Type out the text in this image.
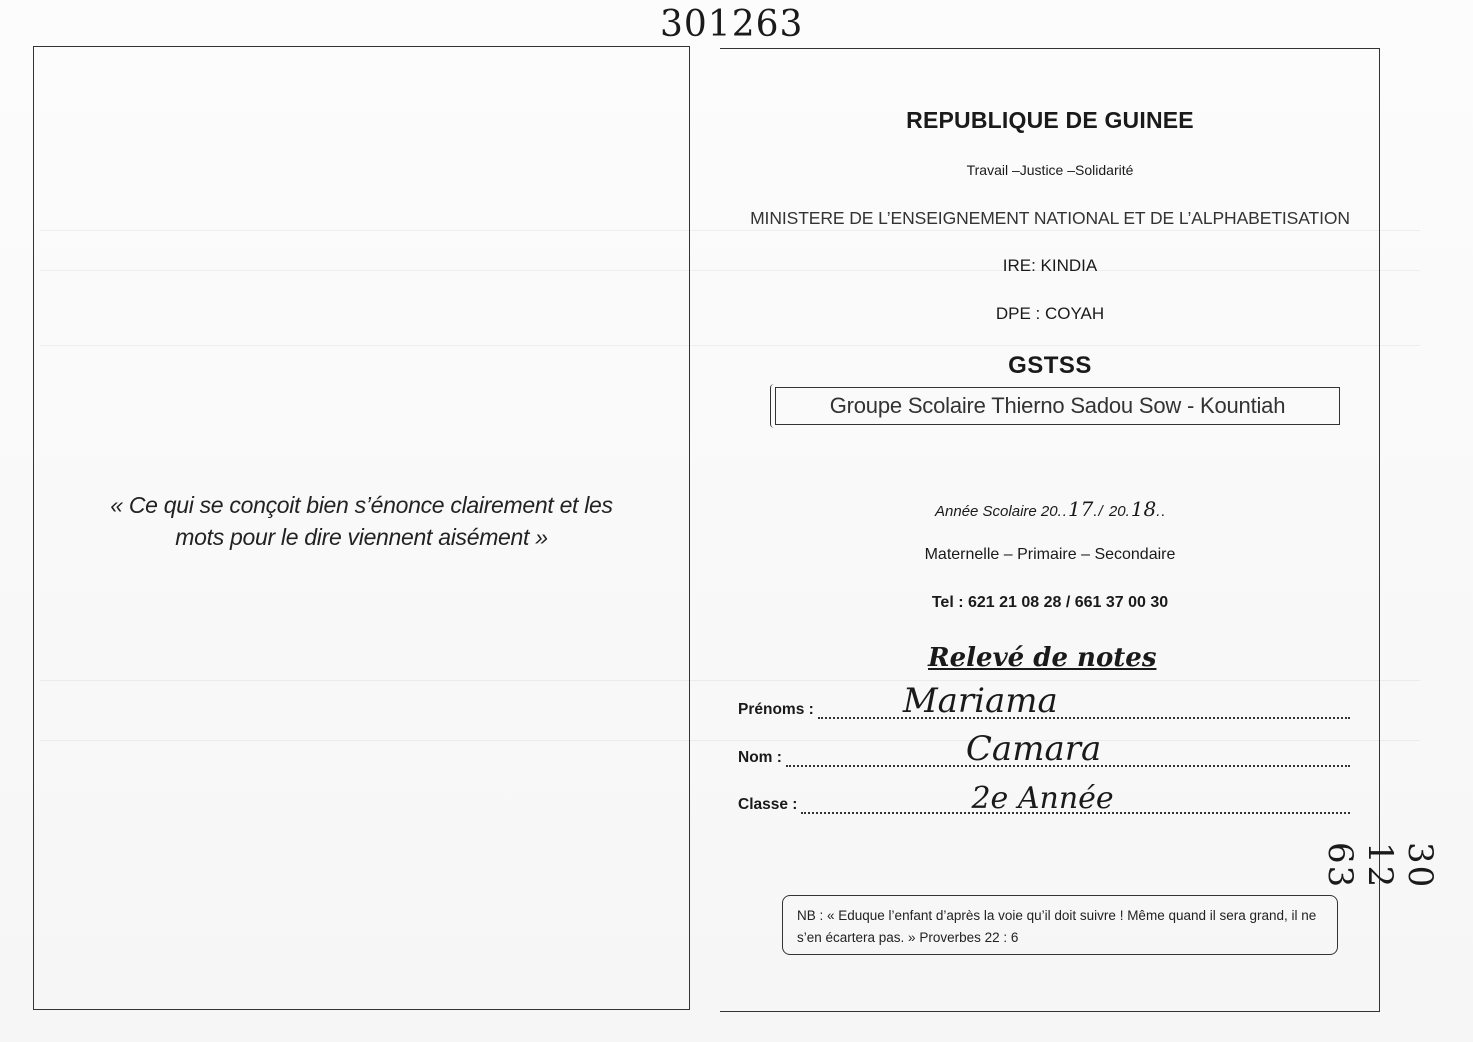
301263
« Ce qui se conçoit bien s’énonce clairement et les
mots pour le dire viennent aisément »
REPUBLIQUE DE GUINEE
Travail –Justice –Solidarité
MINISTERE DE L’ENSEIGNEMENT NATIONAL ET DE L’ALPHABETISATION
IRE: KINDIA
DPE : COYAH
GSTSS
Groupe Scolaire Thierno Sadou Sow - Kountiah
Année Scolaire 20..17./ 20.18..
Maternelle – Primaire – Secondaire
Tel : 621 21 08 28 / 661 37 00 30
Relevé de notes
Prénoms :	Mariama
Nom :	Camara
Classe :	2e Année
NB : « Eduque l’enfant d’après la voie qu’il doit suivre ! Même quand il sera grand, il ne s’en écartera pas. » Proverbes 22 : 6
30 12 63
